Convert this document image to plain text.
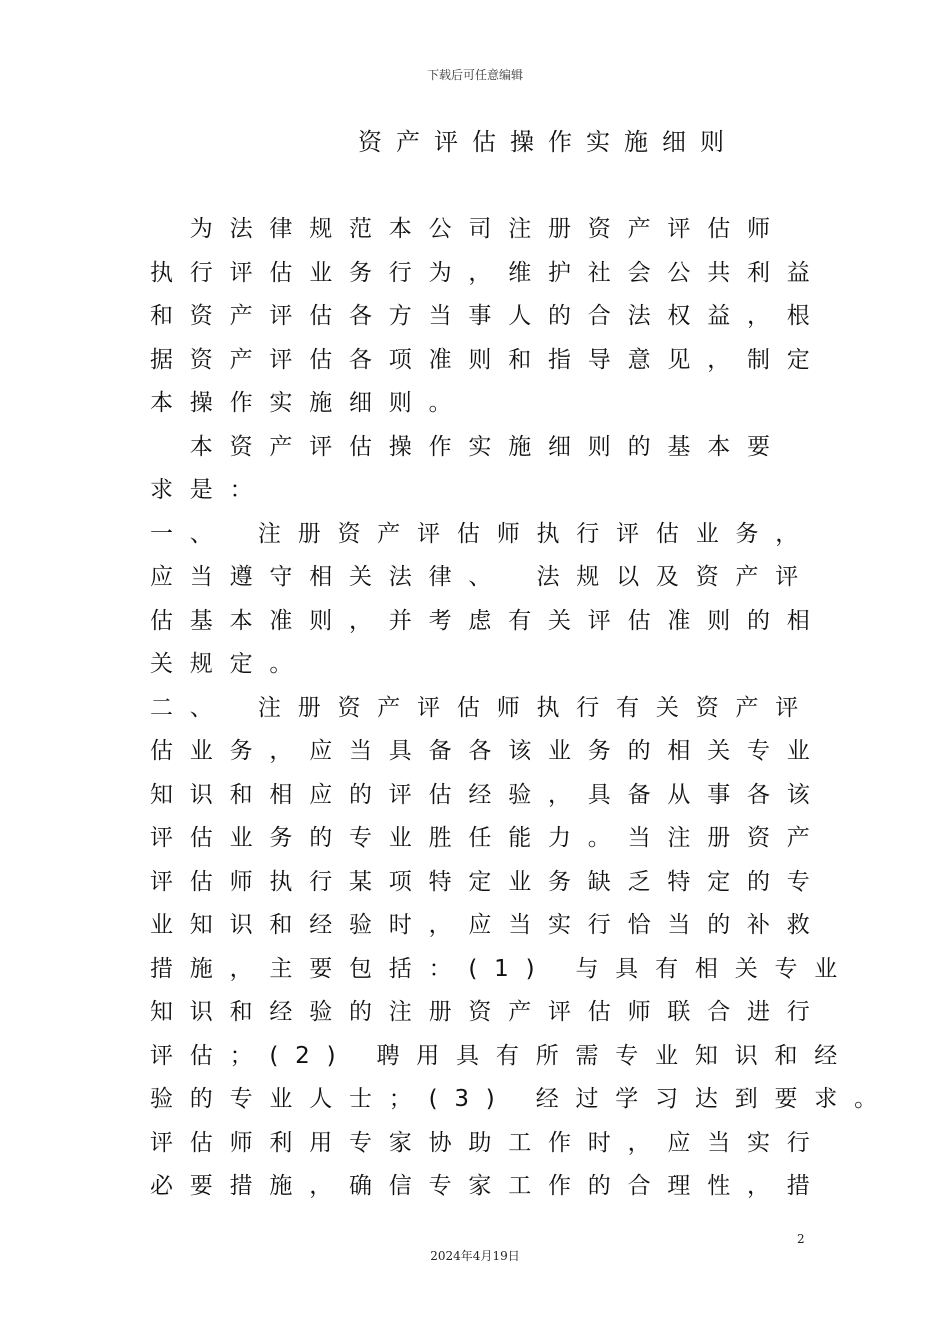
下载后可任意编辑
资产评估操作实施细则
　为法律规范本公司注册资产评估师
执行评估业务行为，维护社会公共利益
和资产评估各方当事人的合法权益，根
据资产评估各项准则和指导意见，制定
本操作实施细则。
　本资产评估操作实施细则的基本要
求是：
一、　注册资产评估师执行评估业务，
应当遵守相关法律、　法规以及资产评
估基本准则，并考虑有关评估准则的相
关规定。
二、　注册资产评估师执行有关资产评
估业务，应当具备各该业务的相关专业
知识和相应的评估经验，具备从事各该
评估业务的专业胜任能力。当注册资产
评估师执行某项特定业务缺乏特定的专
业知识和经验时，应当实行恰当的补救
措施，主要包括：(1) 与具有相关专业
知识和经验的注册资产评估师联合进行
评估；(2) 聘用具有所需专业知识和经
验的专业人士；(3) 经过学习达到要求。
评估师利用专家协助工作时，应当实行
必要措施，确信专家工作的合理性，措
2
2024年4月19日
